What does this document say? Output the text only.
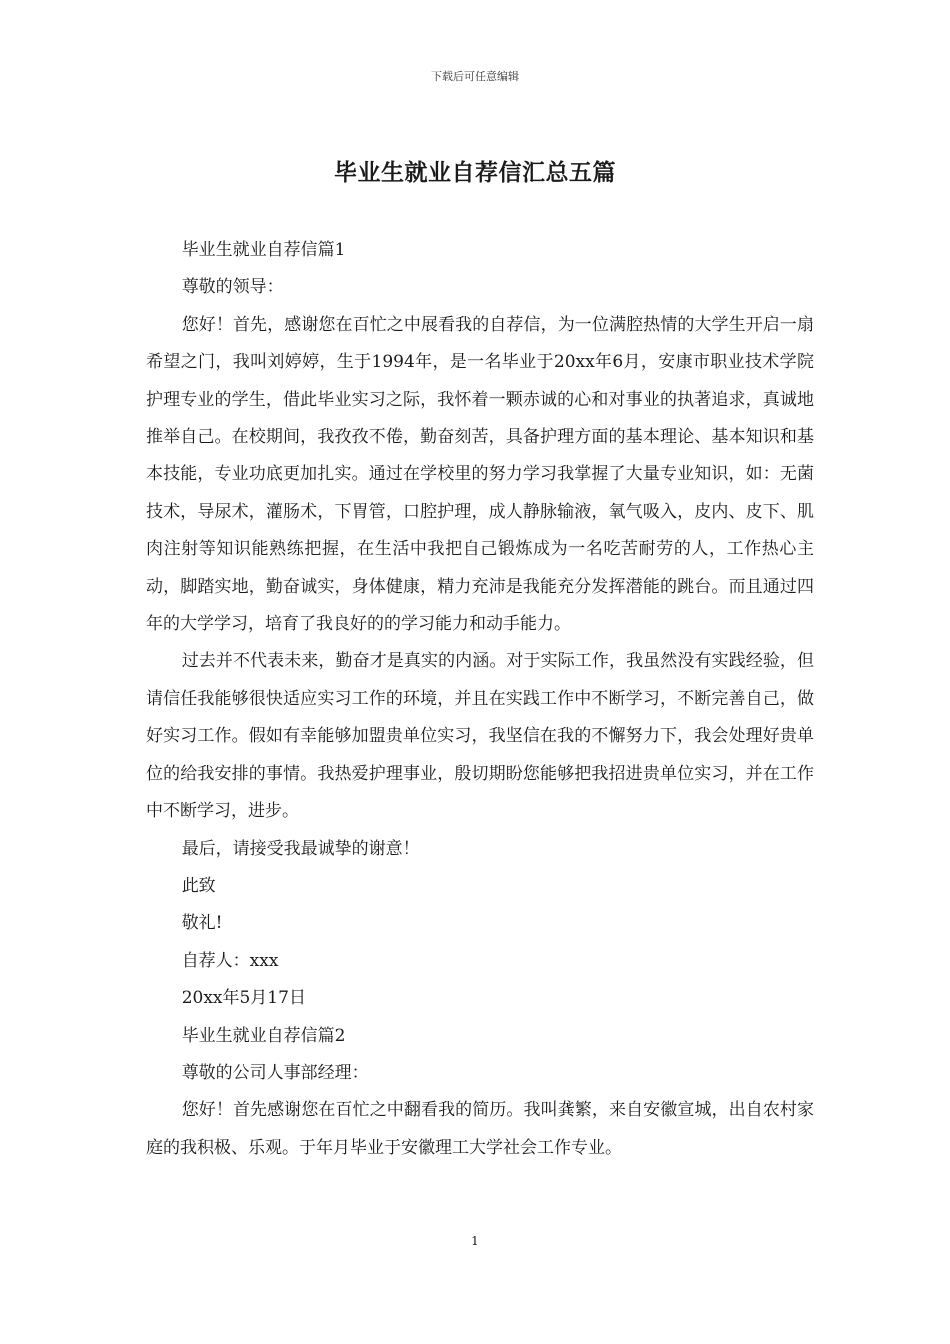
下载后可任意编辑
毕业生就业自荐信汇总五篇

毕业生就业自荐信篇1

尊敬的领导：

您好！首先，感谢您在百忙之中展看我的自荐信，为一位满腔热情的大学生开启一扇希望之门，我叫刘婷婷，生于1994年，是一名毕业于20xx年6月，安康市职业技术学院护理专业的学生，借此毕业实习之际，我怀着一颗赤诚的心和对事业的执著追求，真诚地推举自己。在校期间，我孜孜不倦，勤奋刻苦，具备护理方面的基本理论、基本知识和基本技能，专业功底更加扎实。通过在学校里的努力学习我掌握了大量专业知识，如：无菌技术，导尿术，灌肠术，下胃管，口腔护理，成人静脉输液，氧气吸入，皮内、皮下、肌肉注射等知识能熟练把握，在生活中我把自己锻炼成为一名吃苦耐劳的人，工作热心主动，脚踏实地，勤奋诚实，身体健康，精力充沛是我能充分发挥潜能的跳台。而且通过四年的大学学习，培育了我良好的的学习能力和动手能力。

过去并不代表未来，勤奋才是真实的内涵。对于实际工作，我虽然没有实践经验，但请信任我能够很快适应实习工作的环境，并且在实践工作中不断学习，不断完善自己，做好实习工作。假如有幸能够加盟贵单位实习，我坚信在我的不懈努力下，我会处理好贵单位的给我安排的事情。我热爱护理事业，殷切期盼您能够把我招进贵单位实习，并在工作中不断学习，进步。

最后，请接受我最诚挚的谢意！

此致

敬礼!

自荐人：xxx

20xx年5月17日

毕业生就业自荐信篇2

尊敬的公司人事部经理：

您好！首先感谢您在百忙之中翻看我的简历。我叫龚繁，来自安徽宣城，出自农村家庭的我积极、乐观。于年月毕业于安徽理工大学社会工作专业。

1
